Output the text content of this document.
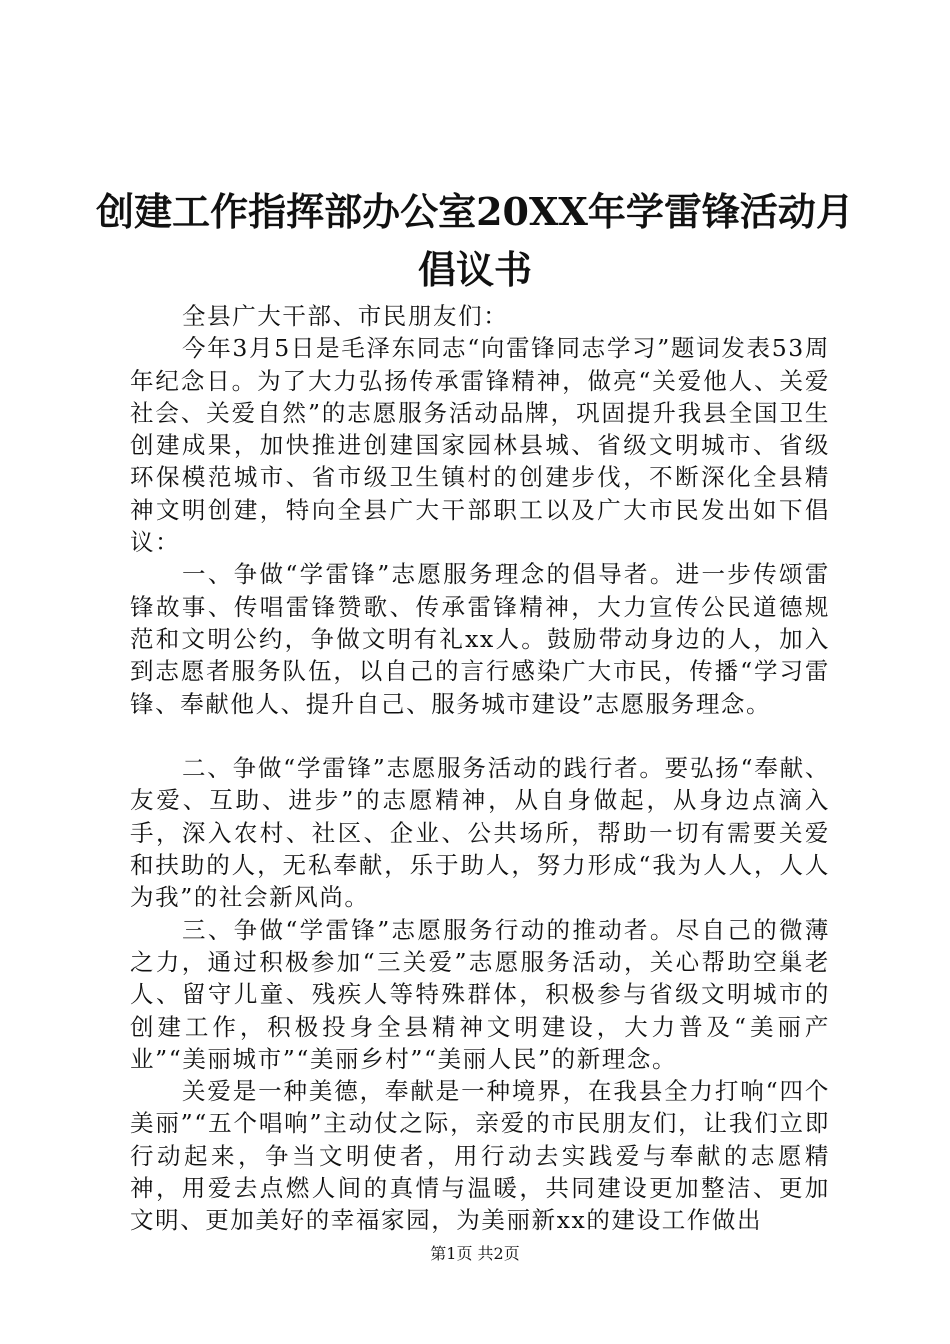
创建工作指挥部办公室20XX年学雷锋活动月
倡议书

全县广大干部、市民朋友们：

今年3月5日是毛泽东同志“向雷锋同志学习”题词发表53周年纪念日。为了大力弘扬传承雷锋精神，做亮“关爱他人、关爱社会、关爱自然”的志愿服务活动品牌，巩固提升我县全国卫生创建成果，加快推进创建国家园林县城、省级文明城市、省级环保模范城市、省市级卫生镇村的创建步伐，不断深化全县精神文明创建，特向全县广大干部职工以及广大市民发出如下倡议：

一、争做“学雷锋”志愿服务理念的倡导者。进一步传颂雷锋故事、传唱雷锋赞歌、传承雷锋精神，大力宣传公民道德规范和文明公约，争做文明有礼xx人。鼓励带动身边的人，加入到志愿者服务队伍，以自己的言行感染广大市民，传播“学习雷锋、奉献他人、提升自己、服务城市建设”志愿服务理念。

二、争做“学雷锋”志愿服务活动的践行者。要弘扬“奉献、友爱、互助、进步”的志愿精神，从自身做起，从身边点滴入手，深入农村、社区、企业、公共场所，帮助一切有需要关爱和扶助的人，无私奉献，乐于助人，努力形成“我为人人，人人为我”的社会新风尚。

三、争做“学雷锋”志愿服务行动的推动者。尽自己的微薄之力，通过积极参加“三关爱”志愿服务活动，关心帮助空巢老人、留守儿童、残疾人等特殊群体，积极参与省级文明城市的创建工作，积极投身全县精神文明建设，大力普及“美丽产业”“美丽城市”“美丽乡村”“美丽人民”的新理念。

关爱是一种美德，奉献是一种境界，在我县全力打响“四个美丽”“五个唱响”主动仗之际，亲爱的市民朋友们，让我们立即行动起来，争当文明使者，用行动去实践爱与奉献的志愿精神，用爱去点燃人间的真情与温暖，共同建设更加整洁、更加文明、更加美好的幸福家园，为美丽新xx的建设工作做出

第1页 共2页
